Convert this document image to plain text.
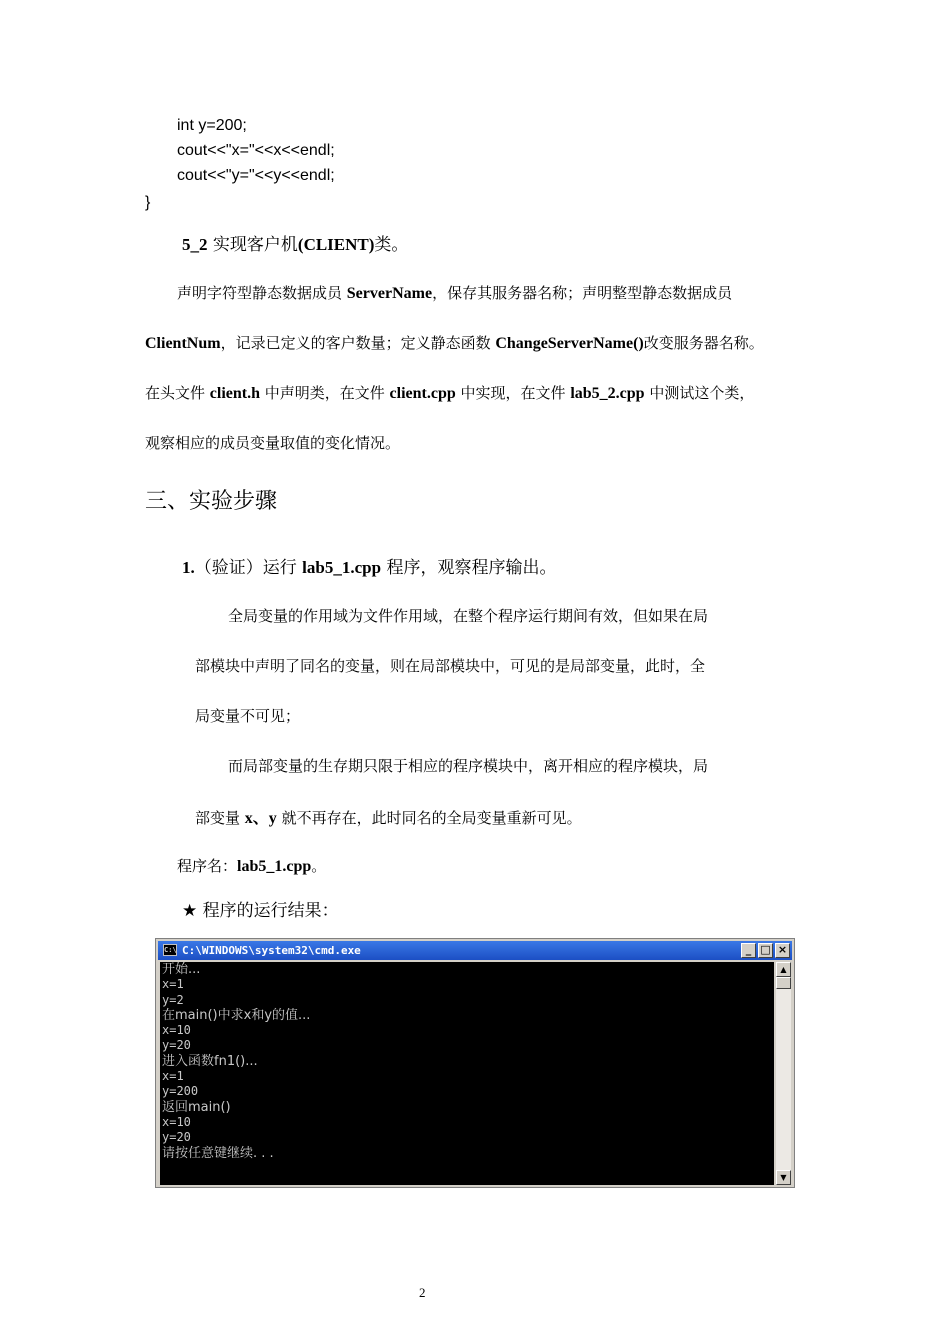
int y=200;
cout<<"x="<<x<<endl;
cout<<"y="<<y<<endl;
}
5_2 实现客户机(CLIENT)类。
声明字符型静态数据成员 ServerName，保存其服务器名称；声明整型静态数据成员
ClientNum，记录已定义的客户数量；定义静态函数 ChangeServerName()改变服务器名称。
在头文件 client.h 中声明类，在文件 client.cpp 中实现，在文件 lab5_2.cpp 中测试这个类，
观察相应的成员变量取值的变化情况。
三、实验步骤
1.（验证）运行 lab5_1.cpp 程序，观察程序输出。
全局变量的作用域为文件作用域，在整个程序运行期间有效，但如果在局
部模块中声明了同名的变量，则在局部模块中，可见的是局部变量，此时，全
局变量不可见；
而局部变量的生存期只限于相应的程序模块中，离开相应的程序模块，局
部变量 x、y 就不再存在，此时同名的全局变量重新可见。
程序名：lab5_1.cpp。
★ 程序的运行结果：
C:\ C:\WINDOWS\system32\cmd.exe	_ □ ×
开始...
x=1
y=2
在main()中求x和y的值...
x=10
y=20
进入函数fn1()...
x=1
y=200
返回main()
x=10
y=20
请按任意键继续. . .
▲
▼
2
